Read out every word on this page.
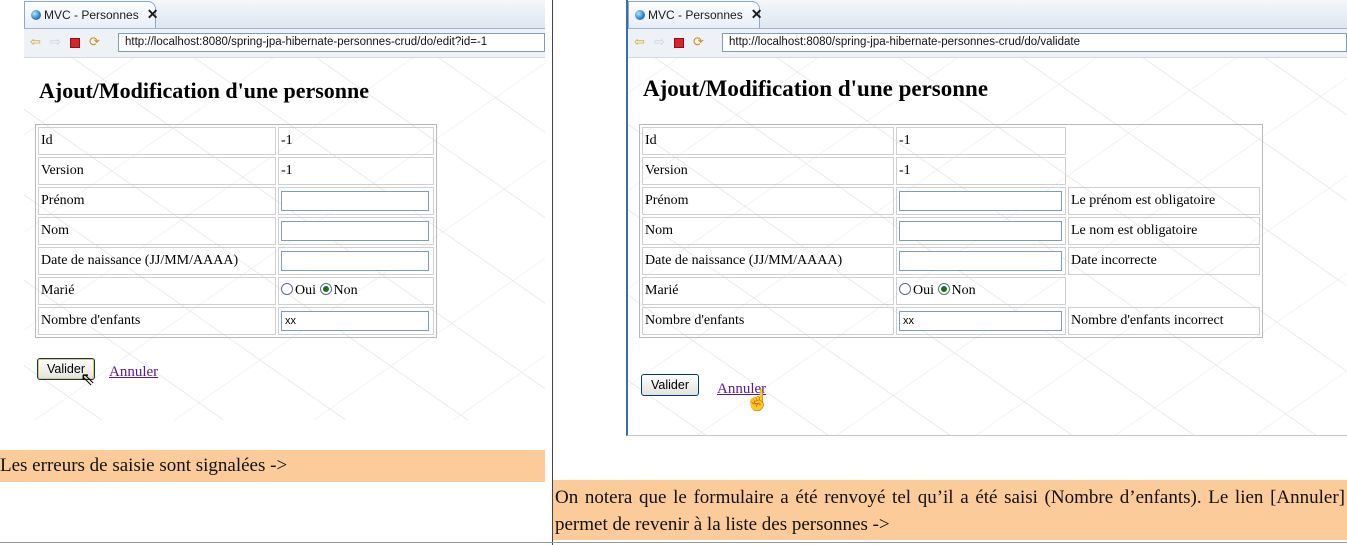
MVC - Personnes ✕
⇦ ⇨ ⟳	http://localhost:8080/spring-jpa-hibernate-personnes-crud/do/edit?id=-1
Ajout/Modification d'une personne
Id	-1
Version	-1
Prénom	

Nom	

Date de naissance (JJ/MM/AAAA)	

Marié	Oui Non
Nombre d'enfants	xx
Valider
⇖ Annuler
Les erreurs de saisie sont signalées ->
MVC - Personnes ✕
⇦ ⇨ ⟳	http://localhost:8080/spring-jpa-hibernate-personnes-crud/do/validate
Ajout/Modification d'une personne
Id	-1	
Version	-1	
Prénom		Le prénom est obligatoire
Nom		Le nom est obligatoire
Date de naissance (JJ/MM/AAAA)		Date incorrecte
Marié	Oui Non	
Nombre d'enfants	xx	Nombre d'enfants incorrect
Valider	Annuler
☝
On notera que le formulaire a été renvoyé tel qu’il a été saisi (Nombre d’enfants). Le lien [Annuler] permet de revenir à la liste des personnes ->
